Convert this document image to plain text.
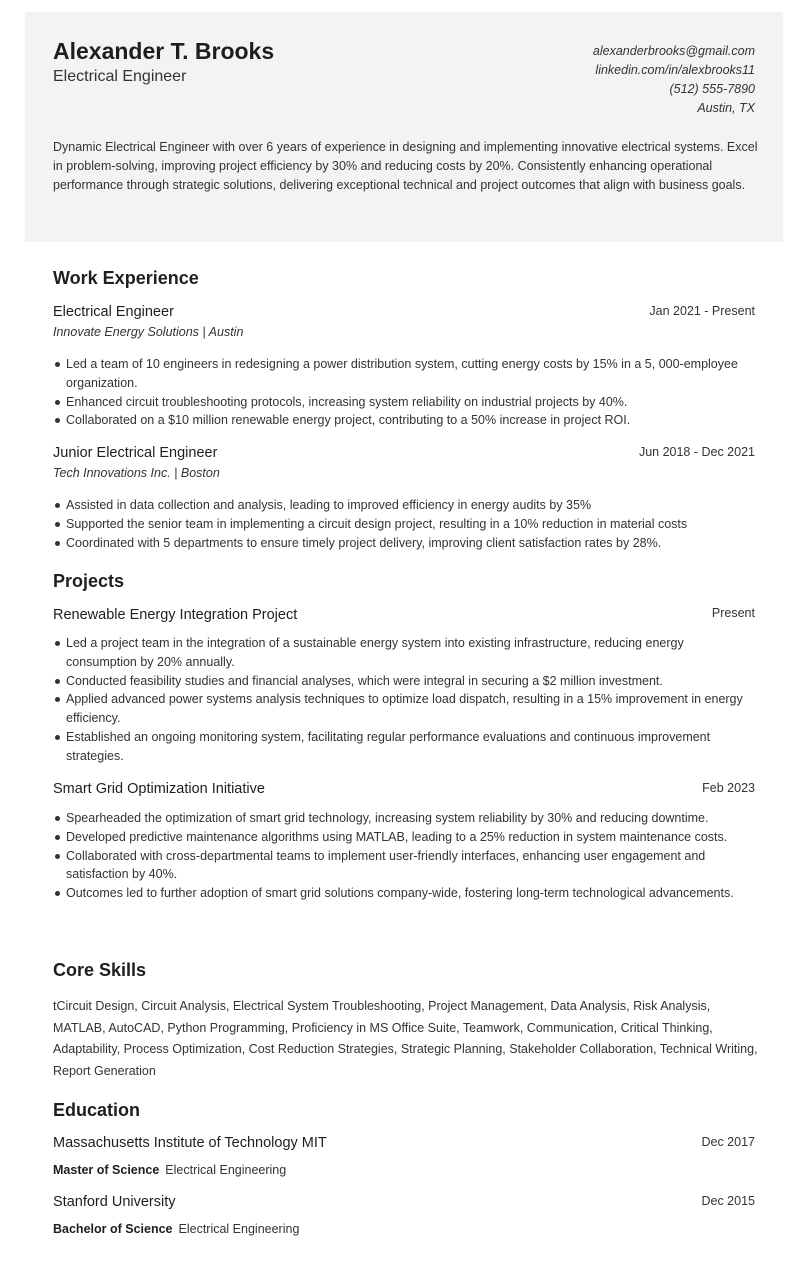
Alexander T. Brooks
Electrical Engineer
alexanderbrooks@gmail.com
linkedin.com/in/alexbrooks11
(512) 555-7890
Austin, TX
Dynamic Electrical Engineer with over 6 years of experience in designing and implementing innovative electrical systems. Excel in problem-solving, improving project efficiency by 30% and reducing costs by 20%. Consistently enhancing operational performance through strategic solutions, delivering exceptional technical and project outcomes that align with business goals.
Work Experience
Electrical Engineer	Jan 2021 - Present
Innovate Energy Solutions | Austin
Led a team of 10 engineers in redesigning a power distribution system, cutting energy costs by 15% in a 5, 000-employee organization.
Enhanced circuit troubleshooting protocols, increasing system reliability on industrial projects by 40%.
Collaborated on a $10 million renewable energy project, contributing to a 50% increase in project ROI.
Junior Electrical Engineer	Jun 2018 - Dec 2021
Tech Innovations Inc. | Boston
Assisted in data collection and analysis, leading to improved efficiency in energy audits by 35%
Supported the senior team in implementing a circuit design project, resulting in a 10% reduction in material costs
Coordinated with 5 departments to ensure timely project delivery, improving client satisfaction rates by 28%.
Projects
Renewable Energy Integration Project	Present
Led a project team in the integration of a sustainable energy system into existing infrastructure, reducing energy consumption by 20% annually.
Conducted feasibility studies and financial analyses, which were integral in securing a $2 million investment.
Applied advanced power systems analysis techniques to optimize load dispatch, resulting in a 15% improvement in energy efficiency.
Established an ongoing monitoring system, facilitating regular performance evaluations and continuous improvement strategies.
Smart Grid Optimization Initiative	Feb 2023
Spearheaded the optimization of smart grid technology, increasing system reliability by 30% and reducing downtime.
Developed predictive maintenance algorithms using MATLAB, leading to a 25% reduction in system maintenance costs.
Collaborated with cross-departmental teams to implement user-friendly interfaces, enhancing user engagement and satisfaction by 40%.
Outcomes led to further adoption of smart grid solutions company-wide, fostering long-term technological advancements.
Core Skills
tCircuit Design, Circuit Analysis, Electrical System Troubleshooting, Project Management, Data Analysis, Risk Analysis, MATLAB, AutoCAD, Python Programming, Proficiency in MS Office Suite, Teamwork, Communication, Critical Thinking, Adaptability, Process Optimization, Cost Reduction Strategies, Strategic Planning, Stakeholder Collaboration, Technical Writing, Report Generation
Education
Massachusetts Institute of Technology MIT	Dec 2017
Master of Science Electrical Engineering
Stanford University	Dec 2015
Bachelor of Science Electrical Engineering
